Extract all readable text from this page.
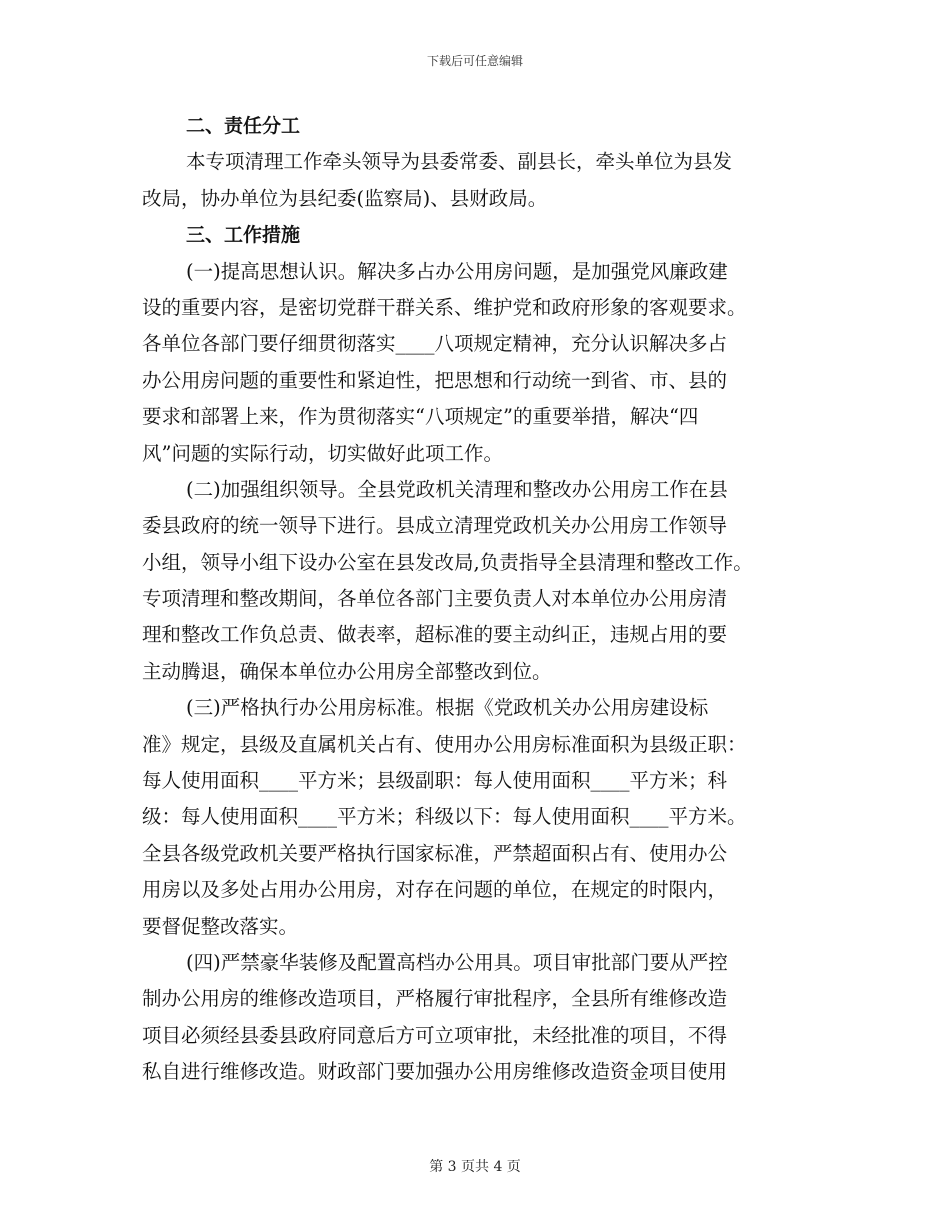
下载后可任意编辑
二、责任分工
本专项清理工作牵头领导为县委常委、副县长，牵头单位为县发
改局，协办单位为县纪委(监察局)、县财政局。
三、工作措施
(一)提高思想认识。解决多占办公用房问题，是加强党风廉政建
设的重要内容，是密切党群干群关系、维护党和政府形象的客观要求。
各单位各部门要仔细贯彻落实____八项规定精神，充分认识解决多占
办公用房问题的重要性和紧迫性，把思想和行动统一到省、市、县的
要求和部署上来，作为贯彻落实“八项规定”的重要举措，解决“四
风”问题的实际行动，切实做好此项工作。
(二)加强组织领导。全县党政机关清理和整改办公用房工作在县
委县政府的统一领导下进行。县成立清理党政机关办公用房工作领导
小组，领导小组下设办公室在县发改局,负责指导全县清理和整改工作。
专项清理和整改期间，各单位各部门主要负责人对本单位办公用房清
理和整改工作负总责、做表率，超标准的要主动纠正，违规占用的要
主动腾退，确保本单位办公用房全部整改到位。
(三)严格执行办公用房标准。根据《党政机关办公用房建设标
准》规定，县级及直属机关占有、使用办公用房标准面积为县级正职：
每人使用面积____平方米；县级副职：每人使用面积____平方米；科
级：每人使用面积____平方米；科级以下：每人使用面积____平方米。
全县各级党政机关要严格执行国家标准，严禁超面积占有、使用办公
用房以及多处占用办公用房，对存在问题的单位，在规定的时限内，
要督促整改落实。
(四)严禁豪华装修及配置高档办公用具。项目审批部门要从严控
制办公用房的维修改造项目，严格履行审批程序，全县所有维修改造
项目必须经县委县政府同意后方可立项审批，未经批准的项目，不得
私自进行维修改造。财政部门要加强办公用房维修改造资金项目使用
第 3 页共 4 页
